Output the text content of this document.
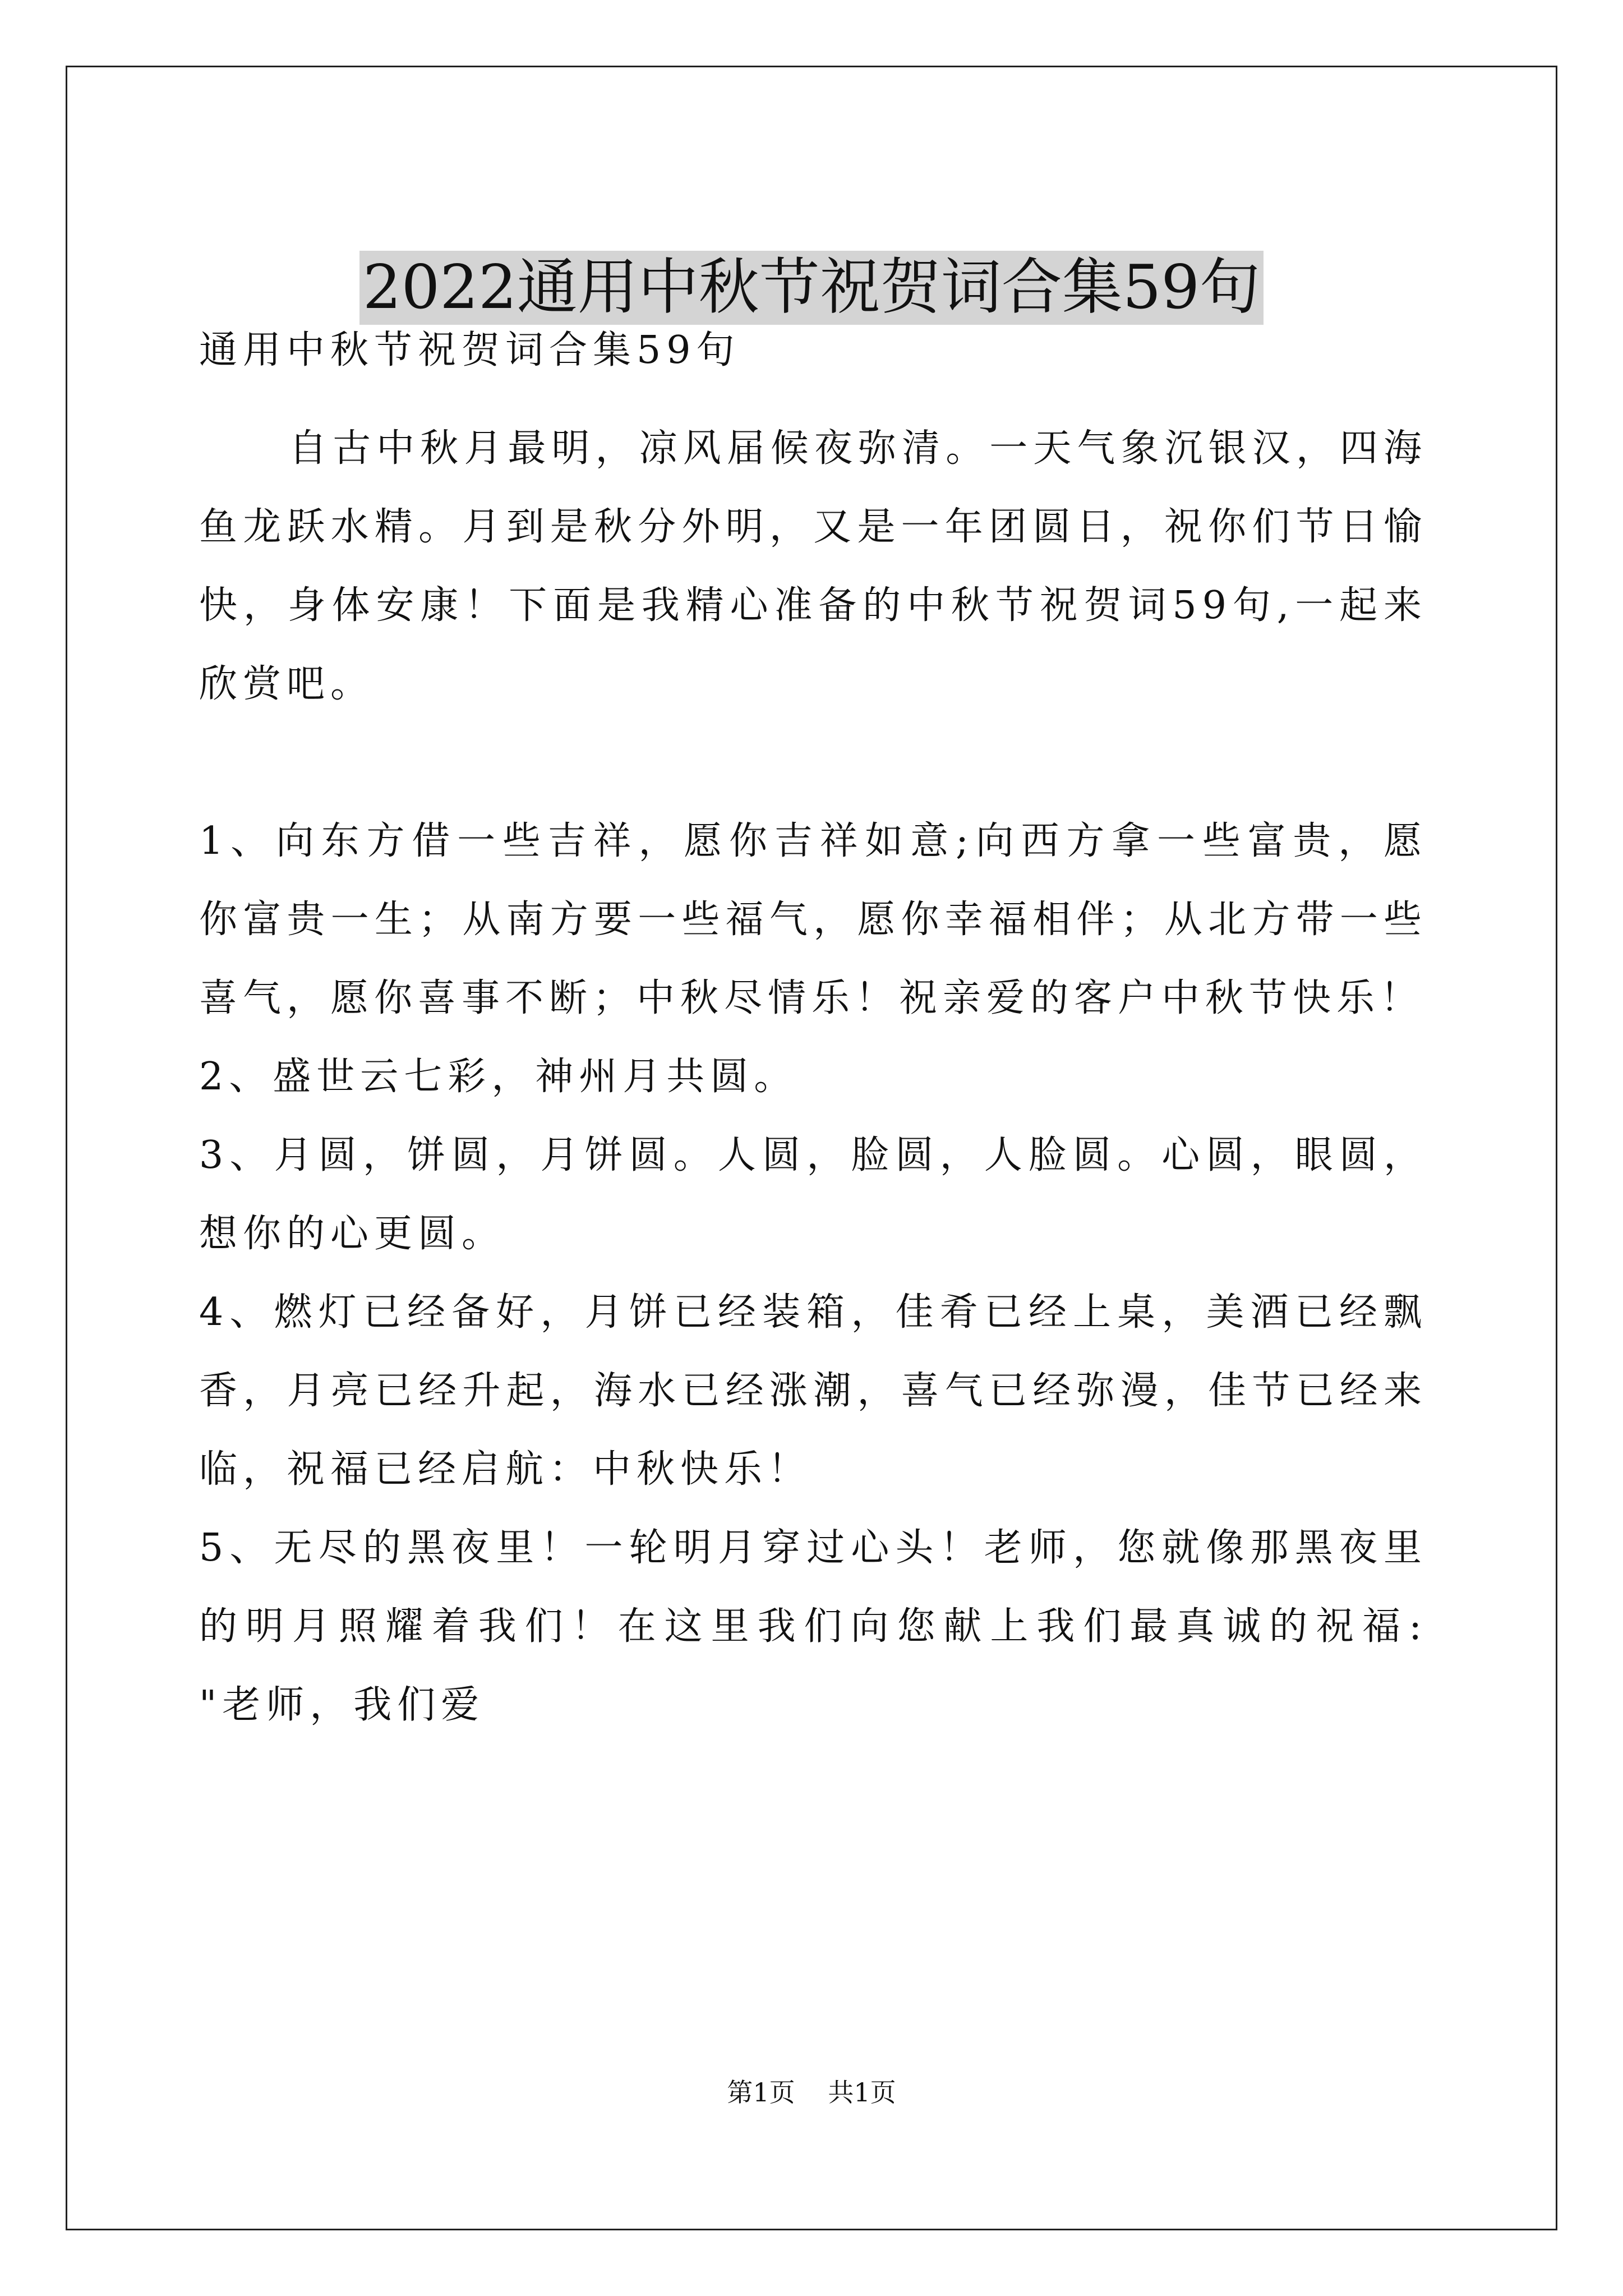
2022通用中秋节祝贺词合集59句

通用中秋节祝贺词合集59句

自古中秋月最明，凉风届候夜弥清。一天气象沉银汉，四海鱼龙跃水精。月到是秋分外明，又是一年团圆日，祝你们节日愉快，身体安康！下面是我精心准备的中秋节祝贺词59句,一起来欣赏吧。

1、向东方借一些吉祥，愿你吉祥如意;向西方拿一些富贵，愿你富贵一生；从南方要一些福气，愿你幸福相伴；从北方带一些喜气，愿你喜事不断；中秋尽情乐！祝亲爱的客户中秋节快乐！

2、盛世云七彩，神州月共圆。

3、月圆，饼圆，月饼圆。人圆，脸圆，人脸圆。心圆，眼圆，想你的心更圆。

4、燃灯已经备好，月饼已经装箱，佳肴已经上桌，美酒已经飘香，月亮已经升起，海水已经涨潮，喜气已经弥漫，佳节已经来临，祝福已经启航：中秋快乐！

5、无尽的黑夜里！一轮明月穿过心头！老师，您就像那黑夜里的明月照耀着我们！在这里我们向您献上我们最真诚的祝福: "老师，我们爱

第1页 共1页
